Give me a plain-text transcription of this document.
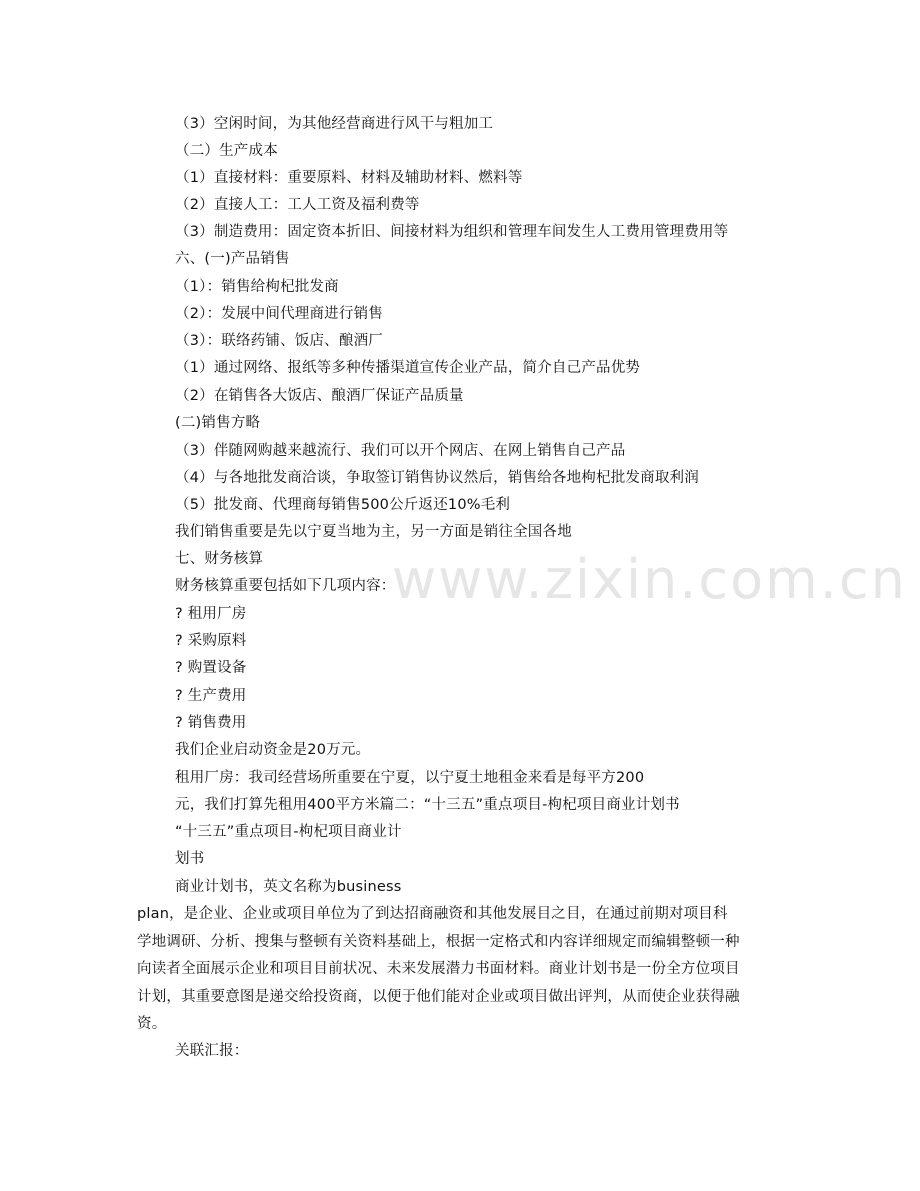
（3）空闲时间，为其他经营商进行风干与粗加工
（二）生产成本
（1）直接材料：重要原料、材料及辅助材料、燃料等
（2）直接人工：工人工资及福利费等
（3）制造费用：固定资本折旧、间接材料为组织和管理车间发生人工费用管理费用等
六、(一)产品销售
（1）：销售给枸杞批发商
（2）：发展中间代理商进行销售
（3）：联络药铺、饭店、酿酒厂
（1）通过网络、报纸等多种传播渠道宣传企业产品，简介自己产品优势
（2）在销售各大饭店、酿酒厂保证产品质量
(二)销售方略
（3）伴随网购越来越流行、我们可以开个网店、在网上销售自己产品
（4）与各地批发商洽谈，争取签订销售协议然后，销售给各地枸杞批发商取利润
（5）批发商、代理商每销售500公斤返还10%毛利
我们销售重要是先以宁夏当地为主，另一方面是销往全国各地
七、财务核算
财务核算重要包括如下几项内容：
? 租用厂房
? 采购原料
? 购置设备
? 生产费用
? 销售费用
我们企业启动资金是20万元。
租用厂房：我司经营场所重要在宁夏，以宁夏土地租金来看是每平方200
元，我们打算先租用400平方米篇二：“十三五”重点项目-枸杞项目商业计划书
“十三五”重点项目-枸杞项目商业计
划书
商业计划书，英文名称为business
plan，是企业、企业或项目单位为了到达招商融资和其他发展目之目，在通过前期对项目科
学地调研、分析、搜集与整顿有关资料基础上，根据一定格式和内容详细规定而编辑整顿一种
向读者全面展示企业和项目目前状况、未来发展潜力书面材料。商业计划书是一份全方位项目
计划，其重要意图是递交给投资商，以便于他们能对企业或项目做出评判，从而使企业获得融
资。
关联汇报：
www.zixin.com.cn
